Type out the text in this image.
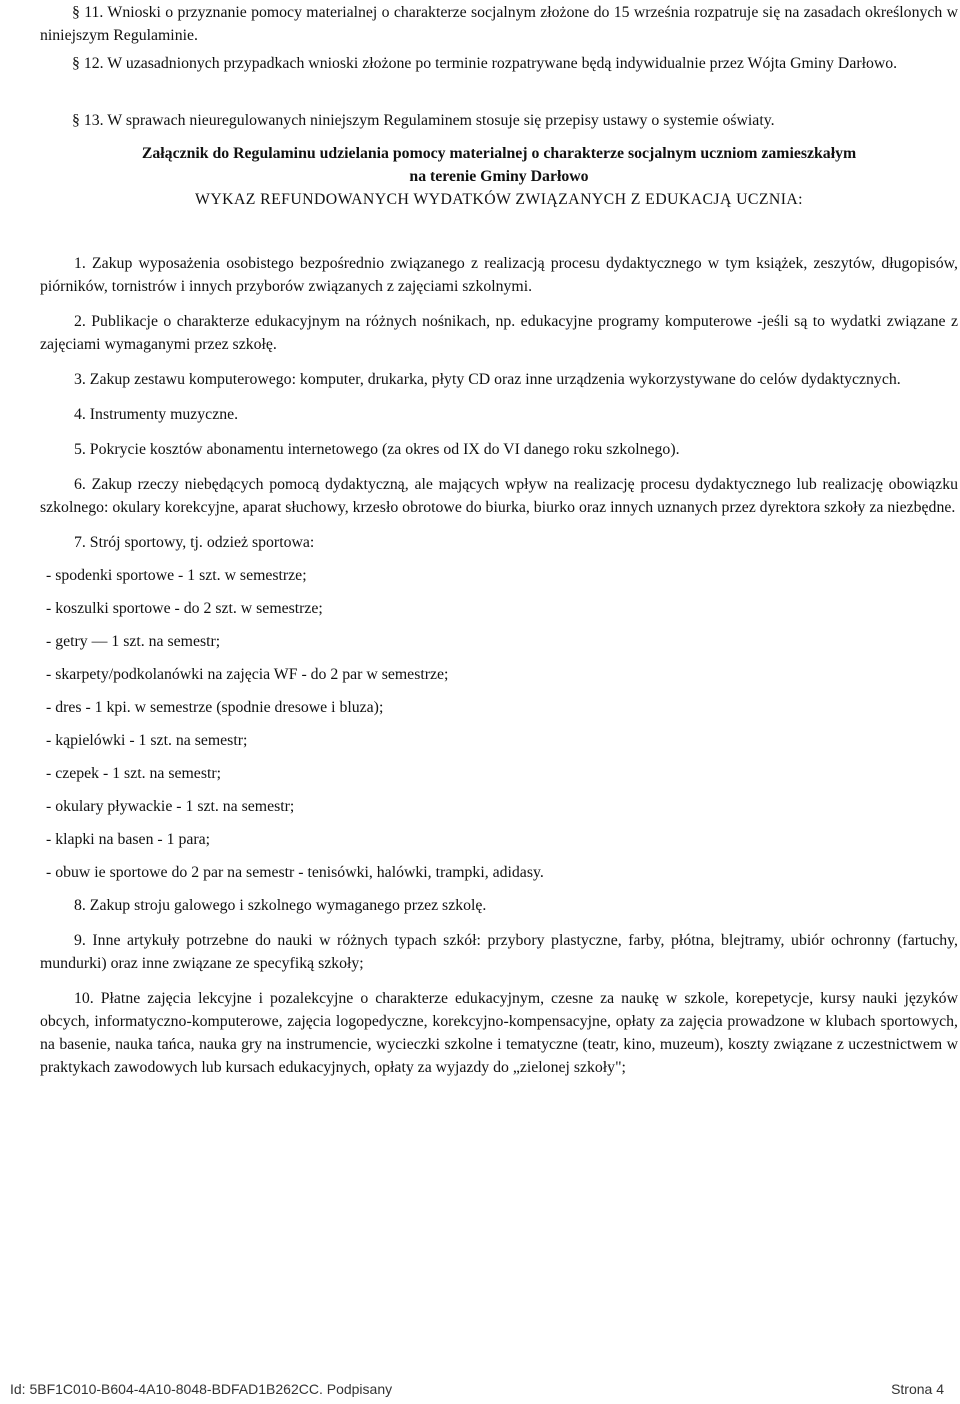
§ 11. Wnioski o przyznanie pomocy materialnej o charakterze socjalnym złożone do 15 września rozpatruje się na zasadach określonych w niniejszym Regulaminie.

§ 12. W uzasadnionych przypadkach wnioski złożone po terminie rozpatrywane będą indywidualnie przez Wójta Gminy Darłowo.

§ 13. W sprawach nieuregulowanych niniejszym Regulaminem stosuje się przepisy ustawy o systemie oświaty.

Załącznik do Regulaminu udzielania pomocy materialnej o charakterze socjalnym uczniom zamieszkałym
na terenie Gminy Darłowo
WYKAZ REFUNDOWANYCH WYDATKÓW ZWIĄZANYCH Z EDUKACJĄ UCZNIA:

1. Zakup wyposażenia osobistego bezpośrednio związanego z realizacją procesu dydaktycznego w tym książek, zeszytów, długopisów, piórników, tornistrów i innych przyborów związanych z zajęciami szkolnymi.

2. Publikacje o charakterze edukacyjnym na różnych nośnikach, np. edukacyjne programy komputerowe -jeśli są to wydatki związane z zajęciami wymaganymi przez szkołę.

3. Zakup zestawu komputerowego: komputer, drukarka, płyty CD oraz inne urządzenia wykorzystywane do celów dydaktycznych.

4. Instrumenty muzyczne.

5. Pokrycie kosztów abonamentu internetowego (za okres od IX do VI danego roku szkolnego).

6. Zakup rzeczy niebędących pomocą dydaktyczną, ale mających wpływ na realizację procesu dydaktycznego lub realizację obowiązku szkolnego: okulary korekcyjne, aparat słuchowy, krzesło obrotowe do biurka, biurko oraz innych uznanych przez dyrektora szkoły za niezbędne.

7. Strój sportowy, tj. odzież sportowa:

- spodenki sportowe - 1 szt. w semestrze;

- koszulki sportowe - do 2 szt. w semestrze;

- getry — 1 szt. na semestr;

- skarpety/podkolanówki na zajęcia WF - do 2 par w semestrze;

- dres - 1 kpi. w semestrze (spodnie dresowe i bluza);

- kąpielówki - 1 szt. na semestr;

- czepek - 1 szt. na semestr;

- okulary pływackie - 1 szt. na semestr;

- klapki na basen - 1 para;

- obuw ie sportowe do 2 par na semestr - tenisówki, halówki, trampki, adidasy.

8. Zakup stroju galowego i szkolnego wymaganego przez szkolę.

9. Inne artykuły potrzebne do nauki w różnych typach szkół: przybory plastyczne, farby, płótna, blejtramy, ubiór ochronny (fartuchy, mundurki) oraz inne związane ze specyfiką szkoły;

10. Płatne zajęcia lekcyjne i pozalekcyjne o charakterze edukacyjnym, czesne za naukę w szkole, korepetycje, kursy nauki języków obcych, informatyczno-komputerowe, zajęcia logopedyczne, korekcyjno-kompensacyjne, opłaty za zajęcia prowadzone w klubach sportowych, na basenie, nauka tańca, nauka gry na instrumencie, wycieczki szkolne i tematyczne (teatr, kino, muzeum), koszty związane z uczestnictwem w praktykach zawodowych lub kursach edukacyjnych, opłaty za wyjazdy do „zielonej szkoły";

Id: 5BF1C010-B604-4A10-8048-BDFAD1B262CC. Podpisany	Strona 4
